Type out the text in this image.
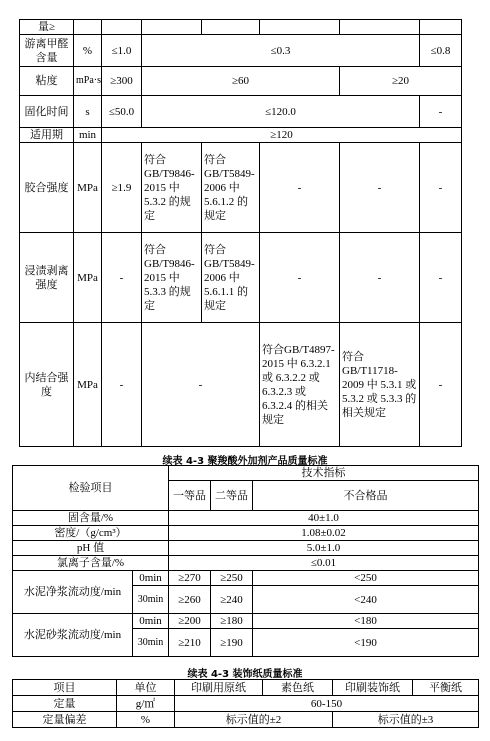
量≥							
游离甲醛含量	%	≤1.0	≤0.3				≤0.8
粘度	mPa·s	≥300	≥60			≥20	
固化时间	s	≤50.0	≤120.0				-
适用期	min	≥120					
胶合强度	MPa	≥1.9	符合GB/T9846-2015 中 5.3.2 的规定	符合GB/T5849-2006 中 5.6.1.2 的规定	-	-	-
浸渍剥离强度	MPa	-	符合GB/T9846-2015 中 5.3.3 的规定	符合GB/T5849-2006 中 5.6.1.1 的规定	-	-	-
内结合强度	MPa	-	-		符合GB/T4897-2015 中 6.3.2.1 或 6.3.2.2 或 6.3.2.3 或 6.3.2.4 的相关规定	符合GB/T11718-2009 中 5.3.1 或 5.3.2 或 5.3.3 的相关规定	-
续表 4-3 聚羧酸外加剂产品质量标准
检验项目		技术指标		
		一等品	二等品	不合格品
固含量/%		40±1.0		
密度/（g/cm³）		1.08±0.02		
pH 值		5.0±1.0		
氯离子含量/%		≤0.01		
水泥净浆流动度/min	0min	≥270	≥250	<250
	30min	≥260	≥240	<240
水泥砂浆流动度/min	0min	≥200	≥180	<180
	30min	≥210	≥190	<190
续表 4-3 装饰纸质量标准
项目	单位	印刷用原纸	素色纸	印刷装饰纸	平衡纸
定量	g/㎡	60-150			
定量偏差	%	标示值的±2		标示值的±3	
